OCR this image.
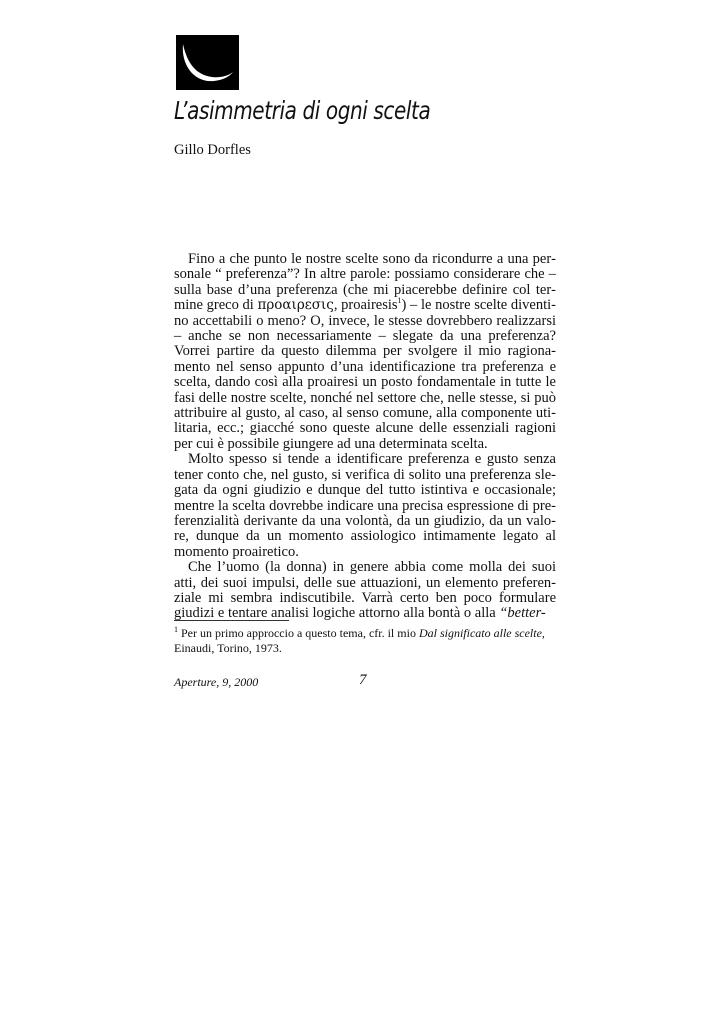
L’asimmetria di ogni scelta
Gillo Dorfles

Fino a che punto le nostre scelte sono da ricondurre a una personale “ preferenza”? In altre parole: possiamo considerare che – sulla base d’una preferenza (che mi piacerebbe definire col termine greco di προαιρεσις, proairesis$^1$) – le nostre scelte diventino accettabili o meno? O, invece, le stesse dovrebbero realizzarsi – anche se non necessariamente – slegate da una preferenza? Vorrei partire da questo dilemma per svolgere il mio ragionamento nel senso appunto d’una identificazione tra preferenza e scelta, dando così alla proairesi un posto fondamentale in tutte le fasi delle nostre scelte, nonché nel settore che, nelle stesse, si può attribuire al gusto, al caso, al senso comune, alla componente utilitaria, ecc.; giacché sono queste alcune delle essenziali ragioni per cui è possibile giungere ad una determinata scelta.

Molto spesso si tende a identificare preferenza e gusto senza tener conto che, nel gusto, si verifica di solito una preferenza slegata da ogni giudizio e dunque del tutto istintiva e occasionale; mentre la scelta dovrebbe indicare una precisa espressione di preferenzialità derivante da una volontà, da un giudizio, da un valore, dunque da un momento assiologico intimamente legato al momento proairetico.

Che l’uomo (la donna) in genere abbia come molla dei suoi atti, dei suoi impulsi, delle sue attuazioni, un elemento preferenziale mi sembra indiscutibile. Varrà certo ben poco formulare giudizi e tentare analisi logiche attorno alla bontà o alla “better-

$^1$ Per un primo approccio a questo tema, cfr. il mio Dal significato alle scelte, Einaudi, Torino, 1973.
Aperture, 9, 2000	7
